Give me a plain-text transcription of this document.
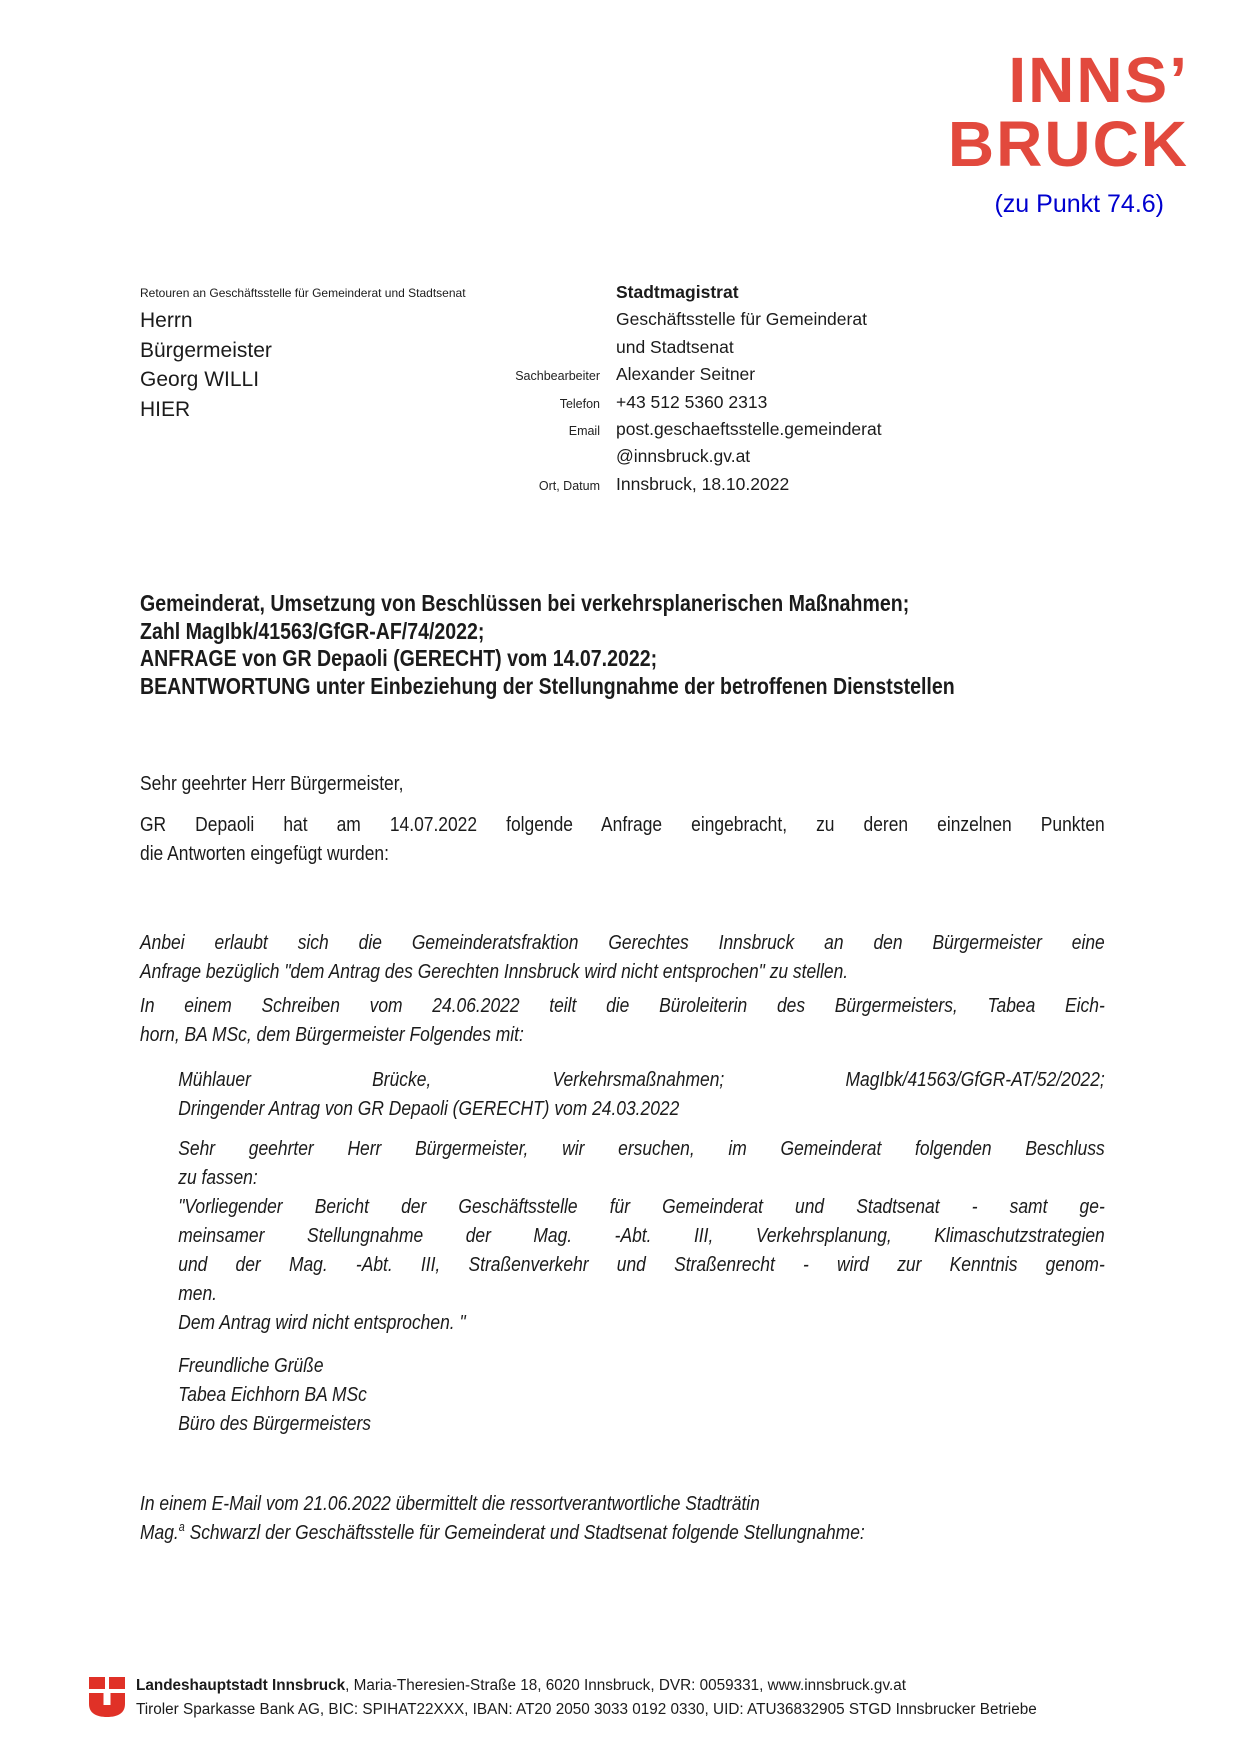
INNS’
BRUCK
(zu Punkt 74.6)
Retouren an Geschäftsstelle für Gemeinderat und Stadtsenat
Herrn
Bürgermeister
Georg WILLI
HIER
Stadtmagistrat
Geschäftsstelle für Gemeinderat
und Stadtsenat
Sachbearbeiter Alexander Seitner
Telefon +43 512 5360 2313
Email post.geschaeftsstelle.gemeinderat
@innsbruck.gv.at
Ort, Datum Innsbruck, 18.10.2022
Gemeinderat, Umsetzung von Beschlüssen bei verkehrsplanerischen Maßnahmen;
Zahl MagIbk/41563/GfGR-AF/74/2022;
ANFRAGE von GR Depaoli (GERECHT) vom 14.07.2022;
BEANTWORTUNG unter Einbeziehung der Stellungnahme der betroffenen Dienststellen
Sehr geehrter Herr Bürgermeister,
GR Depaoli hat am 14.07.2022 folgende Anfrage eingebracht, zu deren einzelnen Punkten
die Antworten eingefügt wurden:
Anbei erlaubt sich die Gemeinderatsfraktion Gerechtes Innsbruck an den Bürgermeister eine
Anfrage bezüglich "dem Antrag des Gerechten Innsbruck wird nicht entsprochen" zu stellen.
In einem Schreiben vom 24.06.2022 teilt die Büroleiterin des Bürgermeisters, Tabea Eich-
horn, BA MSc, dem Bürgermeister Folgendes mit:
Mühlauer Brücke, Verkehrsmaßnahmen; MagIbk/41563/GfGR-AT/52/2022;
Dringender Antrag von GR Depaoli (GERECHT) vom 24.03.2022
Sehr geehrter Herr Bürgermeister, wir ersuchen, im Gemeinderat folgenden Beschluss
zu fassen:
"Vorliegender Bericht der Geschäftsstelle für Gemeinderat und Stadtsenat - samt ge-
meinsamer Stellungnahme der Mag. -Abt. III, Verkehrsplanung, Klimaschutzstrategien
und der Mag. -Abt. III, Straßenverkehr und Straßenrecht - wird zur Kenntnis genom-
men.
Dem Antrag wird nicht entsprochen. "
Freundliche Grüße
Tabea Eichhorn BA MSc
Büro des Bürgermeisters
In einem E-Mail vom 21.06.2022 übermittelt die ressortverantwortliche Stadträtin
Mag.$^a$ Schwarzl der Geschäftsstelle für Gemeinderat und Stadtsenat folgende Stellungnahme:
Landeshauptstadt Innsbruck, Maria-Theresien-Straße 18, 6020 Innsbruck, DVR: 0059331, www.innsbruck.gv.at
Tiroler Sparkasse Bank AG, BIC: SPIHAT22XXX, IBAN: AT20 2050 3033 0192 0330, UID: ATU36832905 STGD Innsbrucker Betriebe
